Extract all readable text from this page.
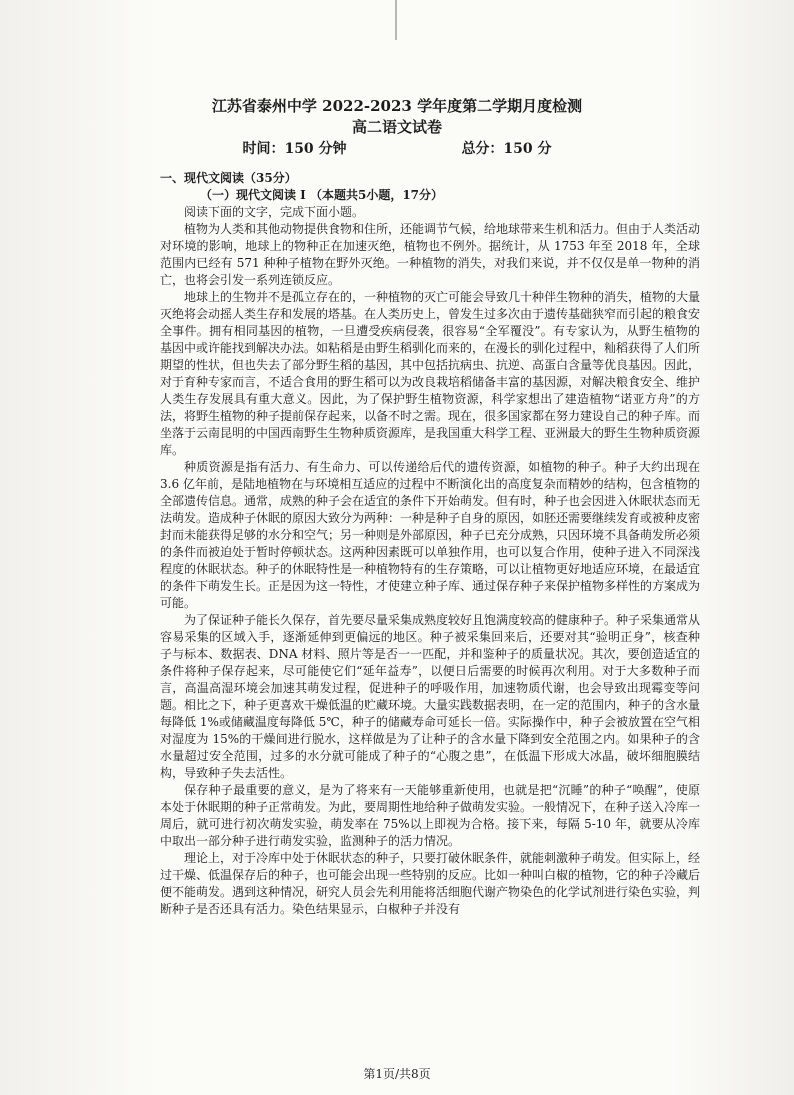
江苏省泰州中学 2022-2023 学年度第二学期月度检测
高二语文试卷
时间：150 分钟	总分：150 分

一、现代文阅读（35分）

（一）现代文阅读 I （本题共5小题，17分）

阅读下面的文字，完成下面小题。

植物为人类和其他动物提供食物和住所，还能调节气候，给地球带来生机和活力。但由于人类活动对环境的影响，地球上的物种正在加速灭绝，植物也不例外。据统计，从 1753 年至 2018 年，全球范围内已经有 571 种种子植物在野外灭绝。一种植物的消失，对我们来说，并不仅仅是单一物种的消亡，也将会引发一系列连锁反应。

地球上的生物并不是孤立存在的，一种植物的灭亡可能会导致几十种伴生物种的消失，植物的大量灭绝将会动摇人类生存和发展的塔基。在人类历史上，曾发生过多次由于遗传基础狭窄而引起的粮食安全事件。拥有相同基因的植物，一旦遭受疾病侵袭，很容易“全军覆没”。有专家认为，从野生植物的基因中或许能找到解决办法。如粘稻是由野生稻驯化而来的，在漫长的驯化过程中，籼稻获得了人们所期望的性状，但也失去了部分野生稻的基因，其中包括抗病虫、抗逆、高蛋白含量等优良基因。因此，对于育种专家而言，不适合食用的野生稻可以为改良栽培稻储备丰富的基因源，对解决粮食安全、维护人类生存发展具有重大意义。因此，为了保护野生植物资源，科学家想出了建造植物“诺亚方舟”的方法，将野生植物的种子提前保存起来，以备不时之需。现在，很多国家都在努力建设自己的种子库。而坐落于云南昆明的中国西南野生生物种质资源库，是我国重大科学工程、亚洲最大的野生生物种质资源库。

种质资源是指有活力、有生命力、可以传递给后代的遗传资源，如植物的种子。种子大约出现在 3.6 亿年前，是陆地植物在与环境相互适应的过程中不断演化出的高度复杂而精妙的结构，包含植物的全部遗传信息。通常，成熟的种子会在适宜的条件下开始萌发。但有时，种子也会因进入休眠状态而无法萌发。造成种子休眠的原因大致分为两种：一种是种子自身的原因，如胚还需要继续发育或被种皮密封而未能获得足够的水分和空气；另一种则是外部原因，种子已充分成熟，只因环境不具备萌发所必须的条件而被迫处于暂时停顿状态。这两种因素既可以单独作用，也可以复合作用，使种子进入不同深浅程度的休眠状态。种子的休眠特性是一种植物特有的生存策略，可以让植物更好地适应环境，在最适宜的条件下萌发生长。正是因为这一特性，才使建立种子库、通过保存种子来保护植物多样性的方案成为可能。

为了保证种子能长久保存，首先要尽量采集成熟度较好且饱满度较高的健康种子。种子采集通常从容易采集的区域入手，逐渐延伸到更偏远的地区。种子被采集回来后，还要对其“验明正身”，核查种子与标本、数据表、DNA 材料、照片等是否一一匹配，并和鉴种子的质量状况。其次，要创造适宜的条件将种子保存起来，尽可能使它们“延年益寿”，以便日后需要的时候再次利用。对于大多数种子而言，高温高湿环境会加速其萌发过程，促进种子的呼吸作用，加速物质代谢，也会导致出现霉变等问题。相比之下，种子更喜欢干燥低温的贮藏环境。大量实践数据表明，在一定的范围内，种子的含水量每降低 1%或储藏温度每降低 5℃，种子的储藏寿命可延长一倍。实际操作中，种子会被放置在空气相对湿度为 15%的干燥间进行脱水，这样做是为了让种子的含水量下降到安全范围之内。如果种子的含水量超过安全范围，过多的水分就可能成了种子的“心腹之患”，在低温下形成大冰晶，破坏细胞膜结构，导致种子失去活性。

保存种子最重要的意义，是为了将来有一天能够重新使用，也就是把“沉睡”的种子“唤醒”，使原本处于休眠期的种子正常萌发。为此，要周期性地给种子做萌发实验。一般情况下，在种子送入冷库一周后，就可进行初次萌发实验，萌发率在 75%以上即视为合格。接下来，每隔 5-10 年，就要从冷库中取出一部分种子进行萌发实验，监测种子的活力情况。

理论上，对于冷库中处于休眠状态的种子，只要打破休眠条件，就能刺激种子萌发。但实际上，经过干燥、低温保存后的种子，也可能会出现一些特别的反应。比如一种叫白椒的植物，它的种子冷藏后便不能萌发。遇到这种情况，研究人员会先利用能将活细胞代谢产物染色的化学试剂进行染色实验，判断种子是否还具有活力。染色结果显示，白椒种子并没有

第1页/共8页
